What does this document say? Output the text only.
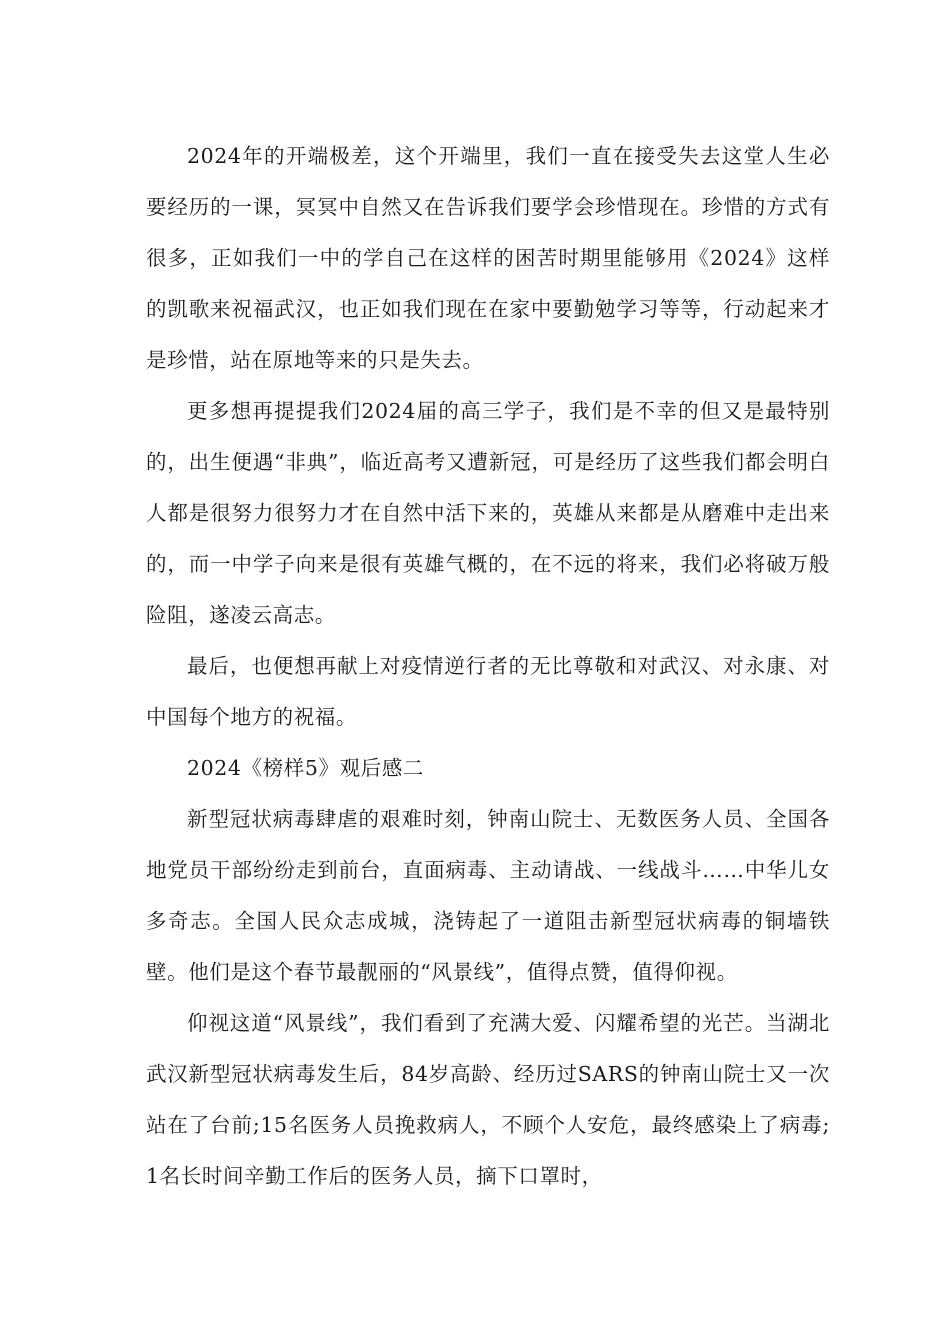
2024年的开端极差，这个开端里，我们一直在接受失去这堂人生必要经历的一课，冥冥中自然又在告诉我们要学会珍惜现在。珍惜的方式有很多，正如我们一中的学自己在这样的困苦时期里能够用《2024》这样的凯歌来祝福武汉，也正如我们现在在家中要勤勉学习等等，行动起来才是珍惜，站在原地等来的只是失去。

更多想再提提我们2024届的高三学子，我们是不幸的但又是最特别的，出生便遇“非典”，临近高考又遭新冠，可是经历了这些我们都会明白人都是很努力很努力才在自然中活下来的，英雄从来都是从磨难中走出来的，而一中学子向来是很有英雄气概的，在不远的将来，我们必将破万般险阻，遂凌云高志。

最后，也便想再献上对疫情逆行者的无比尊敬和对武汉、对永康、对中国每个地方的祝福。

2024《榜样5》观后感二

新型冠状病毒肆虐的艰难时刻，钟南山院士、无数医务人员、全国各地党员干部纷纷走到前台，直面病毒、主动请战、一线战斗……中华儿女多奇志。全国人民众志成城，浇铸起了一道阻击新型冠状病毒的铜墙铁壁。他们是这个春节最靓丽的“风景线”，值得点赞，值得仰视。

仰视这道“风景线”，我们看到了充满大爱、闪耀希望的光芒。当湖北武汉新型冠状病毒发生后，84岁高龄、经历过SARS的钟南山院士又一次站在了台前;15名医务人员挽救病人，不顾个人安危，最终感染上了病毒;1名长时间辛勤工作后的医务人员，摘下口罩时，
